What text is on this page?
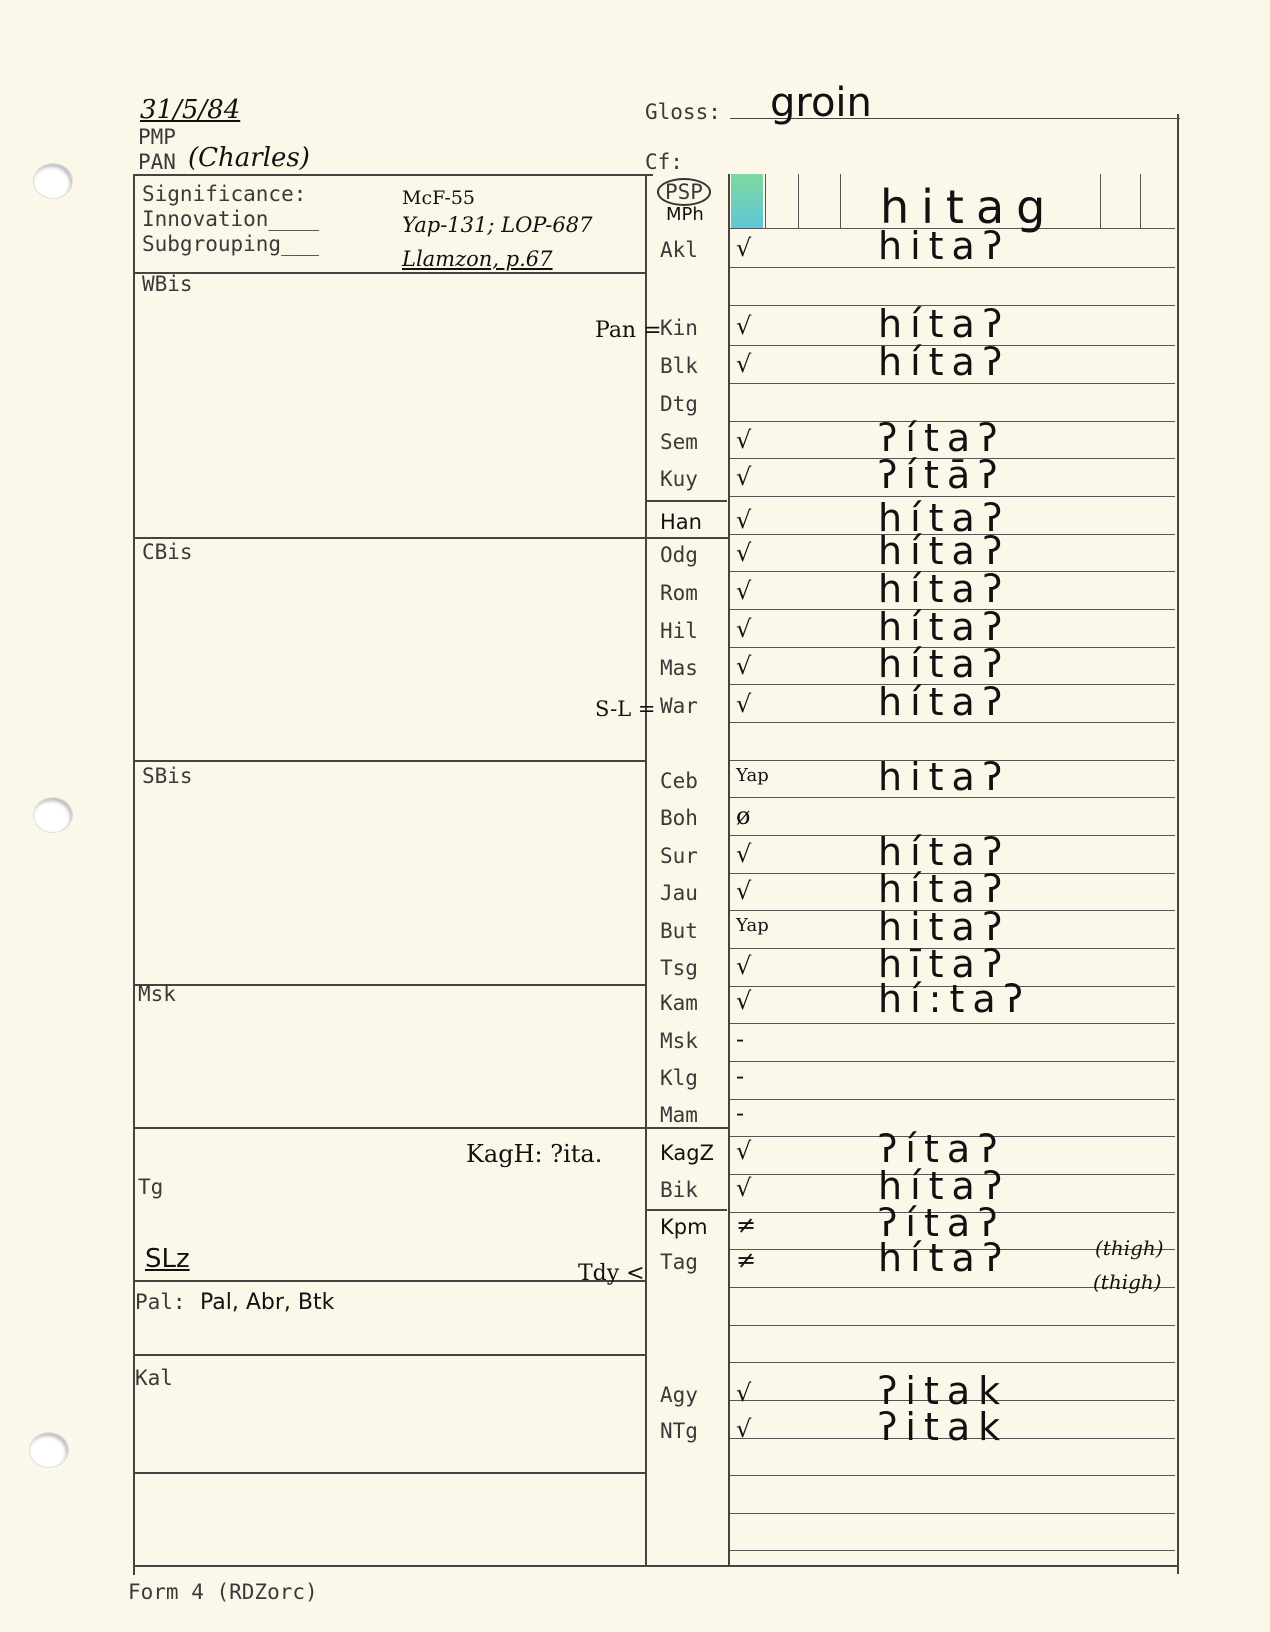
31/5/84
PMP
PAN (Charles)
Gloss: groin
Cf:
Significance:
Innovation____
Subgrouping___
McF-55
Yap-131; LOP-687
Llamzon, p.67
PSP
MPh	hitag
WBis
CBis
SBis
Msk
Tg
SLz
Pal: Pal, Abr, Btk
Kal
Pan =
S-L =
KagH: ?ita.
Tdy <
(thigh)
(thigh)
Akl	√	hitaʔ
Kin	√	hítaʔ
Blk	√	hítaʔ
Dtg
Sem	√	ʔítaʔ
Kuy	√	ʔítāʔ
Han	√	hítaʔ
Odg	√	hítaʔ
Rom	√	hítaʔ
Hil	√	hítaʔ
Mas	√	hítaʔ
War	√	hítaʔ
Ceb	Yap	hitaʔ
Boh	ø
Sur	√	hítaʔ
Jau	√	hítaʔ
But	Yap	hitaʔ
Tsg	√	hītaʔ
Kam	√	hí:taʔ
Msk	-
Klg	-
Mam	-
KagZ √	ʔítaʔ
Bik	√	hítaʔ
Kpm	≠	ʔítaʔ
Tag	≠	hítaʔ
Agy	√	ʔitak
NTg	√	ʔitak
Form 4 (RDZorc)
